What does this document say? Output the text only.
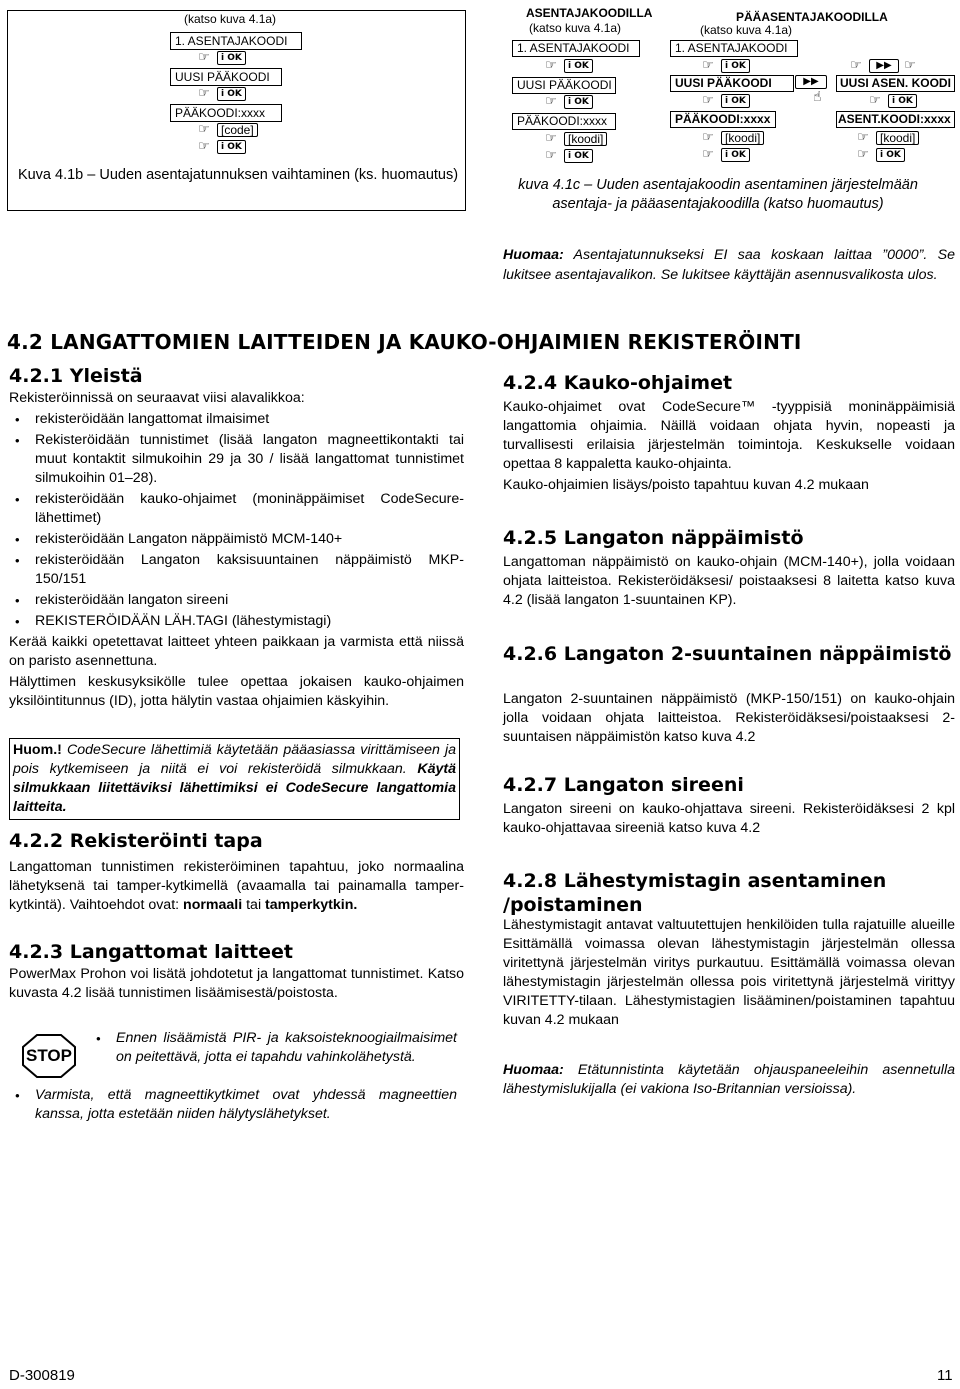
(katso kuva 4.1a)
1. ASENTAJAKOODI
☞	i OK
UUSI PÄÄKOODI
☞	i OK
PÄÄKOODI:xxxx
☞ [code]
☞	i OK
Kuva 4.1b – Uuden asentajatunnuksen vaihtaminen (ks. huomautus)
ASENTAJAKOODILLA
(katso kuva 4.1a)
1. ASENTAJAKOODI
☞	i OK
UUSI PÄÄKOODI
☞	i OK
PÄÄKOODI:xxxx
☞ [koodi]
☞	i OK
PÄÄASENTAJAKOODILLA
(katso kuva 4.1a)
1. ASENTAJAKOODI
☞	i OK
UUSI PÄÄKOODI
☞	i OK
PÄÄKOODI:xxxx
☞ [koodi]
☞	i OK
▶▶
☝
☞	▶▶ ☞
UUSI ASEN. KOODI
☞	i OK
ASENT.KOODI:xxxx
☞ [koodi]
☞	i OK
kuva 4.1c – Uuden asentajakoodin asentaminen järjestelmään asentaja- ja pääasentajakoodilla (katso huomautus)

Huomaa: Asentajatunnukseksi EI saa koskaan laittaa ”0000”. Se lukitsee asentajavalikon. Se lukitsee käyttäjän asennusvalikosta ulos.

4.2 LANGATTOMIEN LAITTEIDEN JA KAUKO-OHJAIMIEN REKISTERÖINTI
4.2.1 Yleistä

Rekisteröinnissä on seuraavat viisi alavalikkoa:

• rekisteröidään langattomat ilmaisimet
• Rekisteröidään tunnistimet (lisää langaton magneettikontakti tai muut kontaktit silmukoihin 29 ja 30 / lisää langattomat tunnistimet silmukoihin 01–28).
• rekisteröidään kauko-ohjaimet (moninäppäimiset CodeSecure-lähettimet)
• rekisteröidään Langaton näppäimistö MCM-140+
• rekisteröidään Langaton kaksisuuntainen näppäimistö MKP-150/151
• rekisteröidään langaton sireeni
• REKISTERÖIDÄÄN LÄH.TAGI (lähestymistagi)

Kerää kaikki opetettavat laitteet yhteen paikkaan ja varmista että niissä on paristo asennettuna.

Hälyttimen keskusyksikölle tulee opettaa jokaisen kauko-ohjaimen yksilöintitunnus (ID), jotta hälytin vastaa ohjaimien käskyihin.

Huom.! CodeSecure lähettimiä käytetään pääasiassa virittämiseen ja pois kytkemiseen ja niitä ei voi rekisteröidä silmukkaan. Käytä silmukkaan liitettäviksi lähettimiksi ei CodeSecure langattomia laitteita.

4.2.2 Rekisteröinti tapa

Langattoman tunnistimen rekisteröiminen tapahtuu, joko normaalina lähetyksenä tai tamper-kytkimellä (avaamalla tai painamalla tamper-kytkintä). Vaihtoehdot ovat: normaali tai tamperkytkin.

4.2.3 Langattomat laitteet
PowerMax Prohon voi lisätä johdotetut ja langattomat tunnistimet. Katso kuvasta 4.2 lisää tunnistimen lisäämisestä/poistosta.
STOP
• Ennen lisäämistä PIR- ja kaksoisteknoogiailmaisimet on peitettävä, jotta ei tapahdu vahinkolähetystä.
• Varmista, että magneettikytkimet ovat yhdessä magneettien kanssa, jotta estetään niiden hälytyslähetykset.
4.2.4 Kauko-ohjaimet

Kauko-ohjaimet ovat CodeSecure™ -tyyppisiä moninäppäimisiä langattomia ohjaimia. Näillä voidaan ohjata hyvin, nopeasti ja turvallisesti erilaisia järjestelmän toimintoja. Keskukselle voidaan opettaa 8 kappaletta kauko-ohjainta.

Kauko-ohjaimien lisäys/poisto tapahtuu kuvan 4.2 mukaan

4.2.5 Langaton näppäimistö
Langattoman näppäimistö on kauko-ohjain (MCM-140+), jolla voidaan ohjata laitteistoa. Rekisteröidäksesi/ poistaaksesi 8 laitetta katso kuva 4.2 (lisää langaton 1-suuntainen KP).
4.2.6 Langaton 2-suuntainen näppäimistö
Langaton 2-suuntainen näppäimistö (MKP-150/151) on kauko-ohjain jolla voidaan ohjata laitteistoa. Rekisteröidäksesi/poistaaksesi 2-suuntaisen näppäimistön katso kuva 4.2
4.2.7 Langaton sireeni
Langaton sireeni on kauko-ohjattava sireeni. Rekisteröidäksesi 2 kpl kauko-ohjattavaa sireeniä katso kuva 4.2
4.2.8 Lähestymistagin asentaminen /poistaminen
Lähestymistagit antavat valtuutettujen henkilöiden tulla rajatuille alueille Esittämällä voimassa olevan lähestymistagin järjestelmän ollessa viritettynä järjestelmän viritys purkautuu. Esittämällä voimassa olevan lähestymistagin järjestelmän ollessa pois viritettynä järjestelmä virittyy VIRITETTY-tilaan. Lähestymistagien lisääminen/poistaminen tapahtuu kuvan 4.2 mukaan

Huomaa: Etätunnistinta käytetään ohjauspaneeleihin asennetulla lähestymislukijalla (ei vakiona Iso-Britannian versioissa).

D-300819	11
